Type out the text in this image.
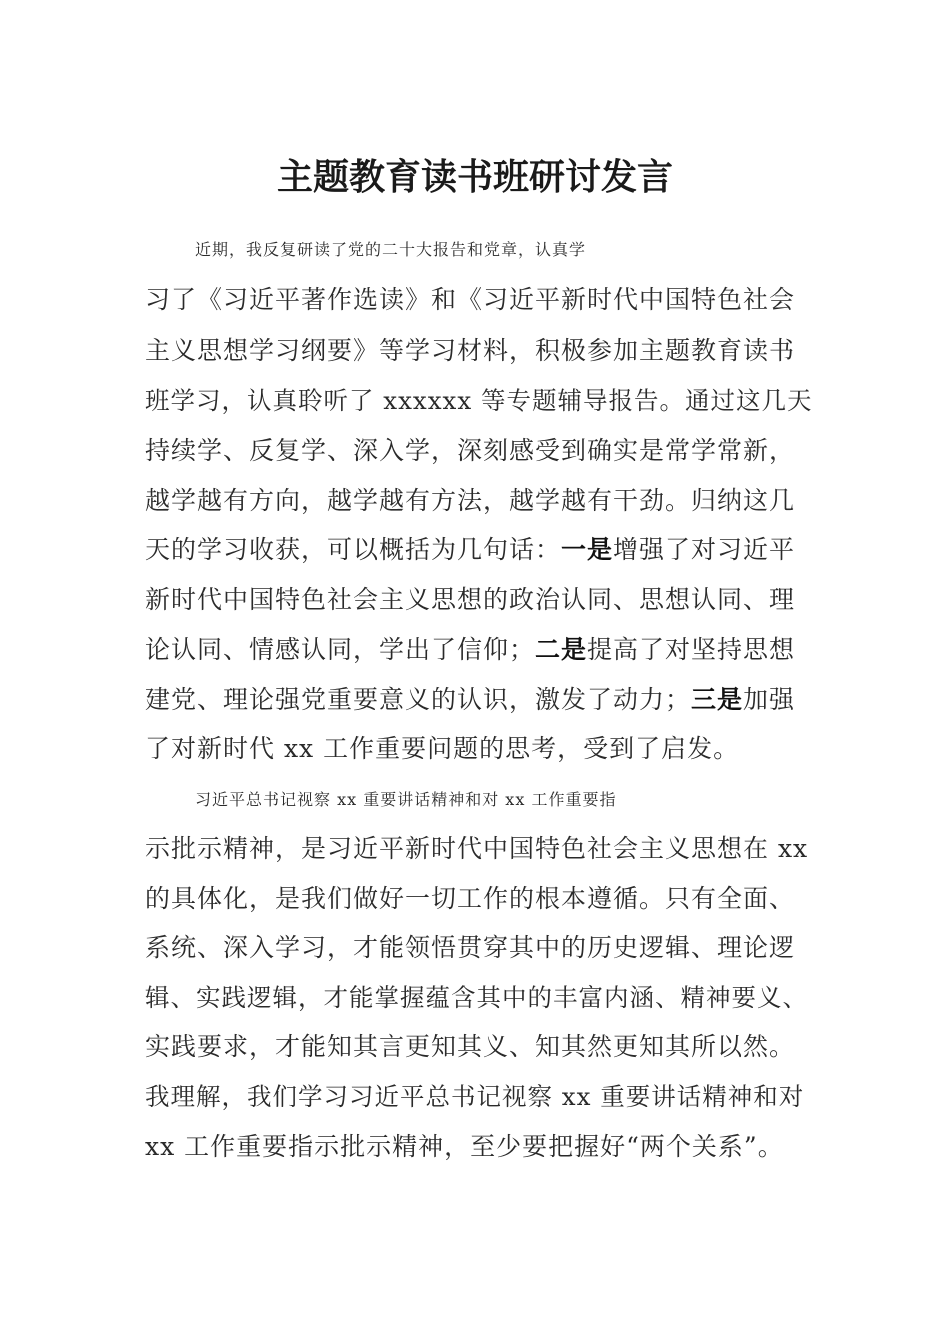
主题教育读书班研讨发言

近期，我反复研读了党的二十大报告和党章，认真学

习了《习近平著作选读》和《习近平新时代中国特色社会

主义思想学习纲要》等学习材料，积极参加主题教育读书

班学习，认真聆听了 xxxxxx 等专题辅导报告。通过这几天

持续学、反复学、深入学，深刻感受到确实是常学常新，

越学越有方向，越学越有方法，越学越有干劲。归纳这几

天的学习收获，可以概括为几句话：一是增强了对习近平

新时代中国特色社会主义思想的政治认同、思想认同、理

论认同、情感认同，学出了信仰；二是提高了对坚持思想

建党、理论强党重要意义的认识，激发了动力；三是加强

了对新时代 xx 工作重要问题的思考，受到了启发。

习近平总书记视察 xx 重要讲话精神和对 xx 工作重要指

示批示精神，是习近平新时代中国特色社会主义思想在 xx

的具体化，是我们做好一切工作的根本遵循。只有全面、

系统、深入学习，才能领悟贯穿其中的历史逻辑、理论逻

辑、实践逻辑，才能掌握蕴含其中的丰富内涵、精神要义、

实践要求，才能知其言更知其义、知其然更知其所以然。

我理解，我们学习习近平总书记视察 xx 重要讲话精神和对

xx 工作重要指示批示精神，至少要把握好“两个关系”。
